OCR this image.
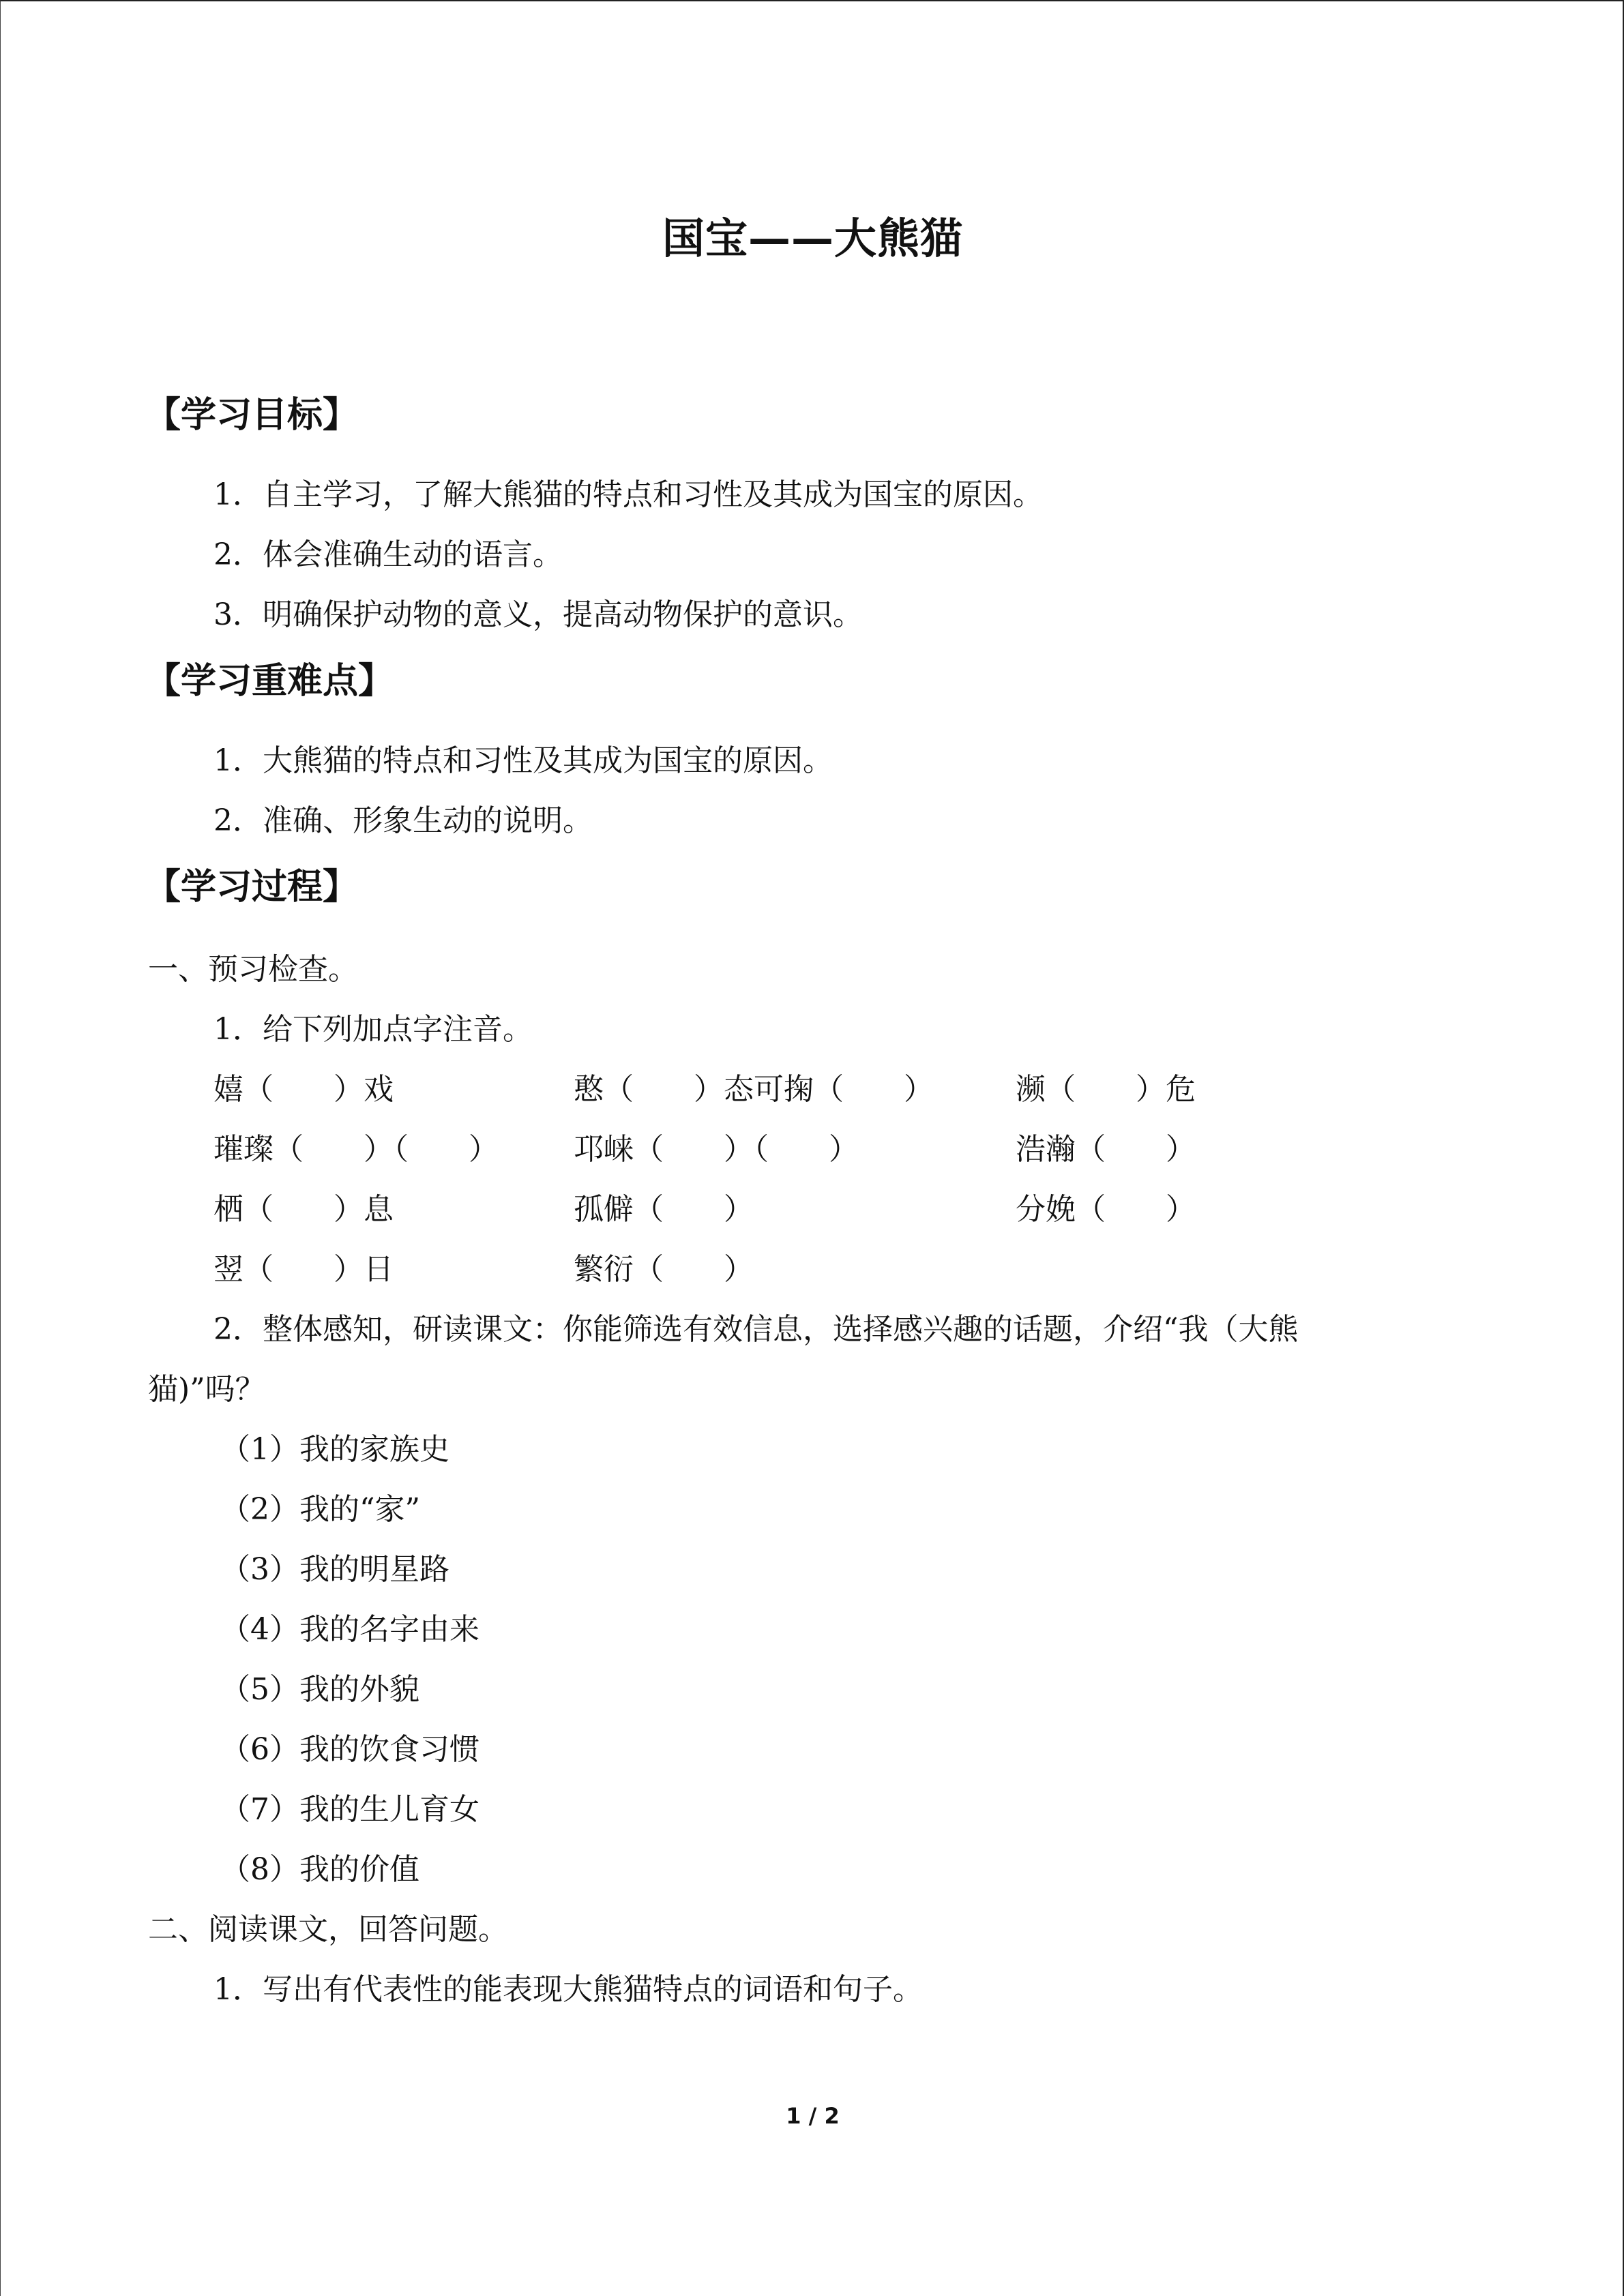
国宝——大熊猫
【学习目标】
1．自主学习，了解大熊猫的特点和习性及其成为国宝的原因。
2．体会准确生动的语言。
3．明确保护动物的意义，提高动物保护的意识。
【学习重难点】
1．大熊猫的特点和习性及其成为国宝的原因。
2．准确、形象生动的说明。
【学习过程】
一、预习检查。
1．给下列加点字注音。
嬉（　　）戏	憨（　　）态可掬（　　）	濒（　　）危
璀璨（　　）（　　）	邛崃（　　）（　　）	浩瀚（　　）
栖（　　）息	孤僻（　　）	分娩（　　）
翌（　　）日	繁衍（　　）
2．整体感知，研读课文：你能筛选有效信息，选择感兴趣的话题，介绍“我（大熊
猫)”吗？
（1）我的家族史
（2）我的“家”
（3）我的明星路
（4）我的名字由来
（5）我的外貌
（6）我的饮食习惯
（7）我的生儿育女
（8）我的价值
二、阅读课文，回答问题。
1．写出有代表性的能表现大熊猫特点的词语和句子。
1 / 2
